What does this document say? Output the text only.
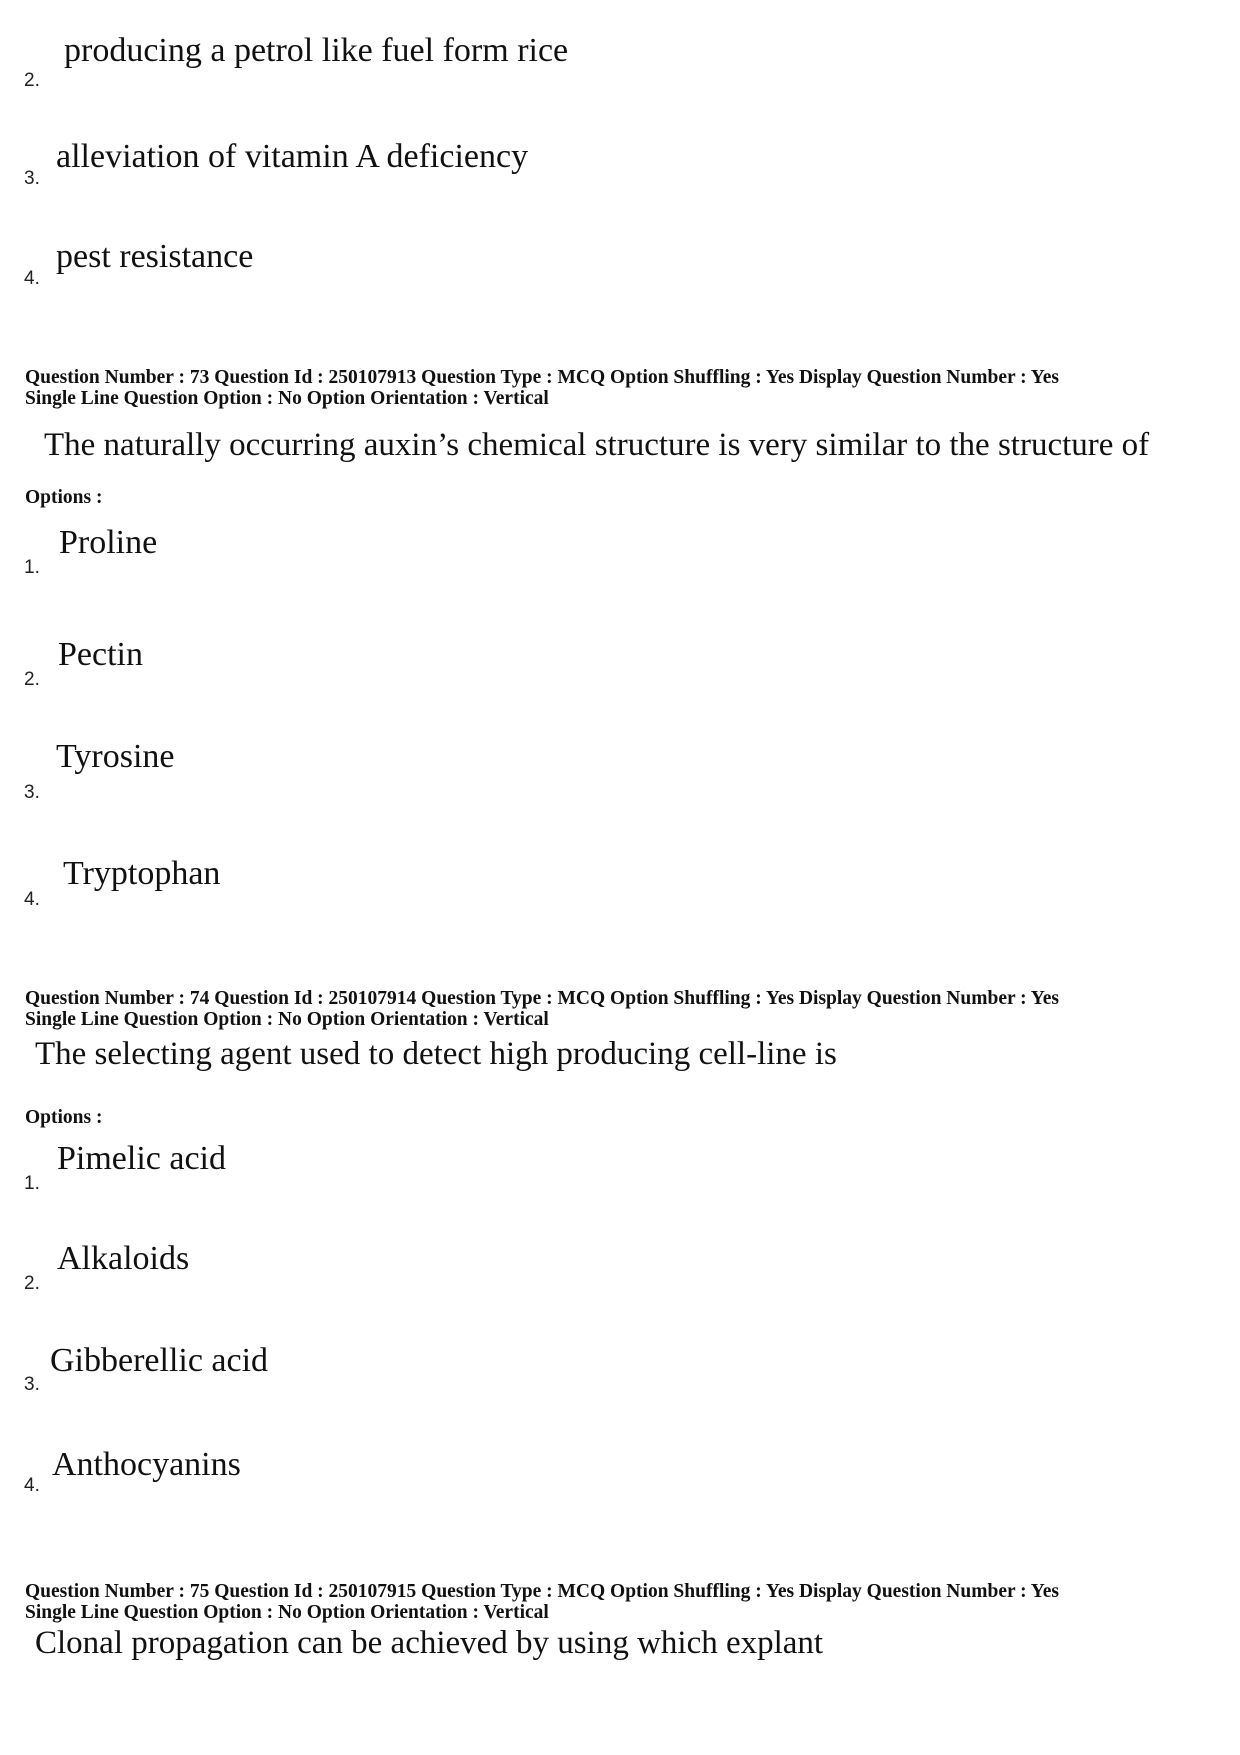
2.
producing a petrol like fuel form rice
3.
alleviation of vitamin A deficiency
4.
pest resistance
Question Number : 73 Question Id : 250107913 Question Type : MCQ Option Shuffling : Yes Display Question Number : Yes
Single Line Question Option : No Option Orientation : Vertical
The naturally occurring auxin’s chemical structure is very similar to the structure of
Options :
1.
Proline
2.
Pectin
3.
Tyrosine
4.
Tryptophan
Question Number : 74 Question Id : 250107914 Question Type : MCQ Option Shuffling : Yes Display Question Number : Yes
Single Line Question Option : No Option Orientation : Vertical
The selecting agent used to detect high producing cell-line is
Options :
1.
Pimelic acid
2.
Alkaloids
3.
Gibberellic acid
4.
Anthocyanins
Question Number : 75 Question Id : 250107915 Question Type : MCQ Option Shuffling : Yes Display Question Number : Yes
Single Line Question Option : No Option Orientation : Vertical
Clonal propagation can be achieved by using which explant
